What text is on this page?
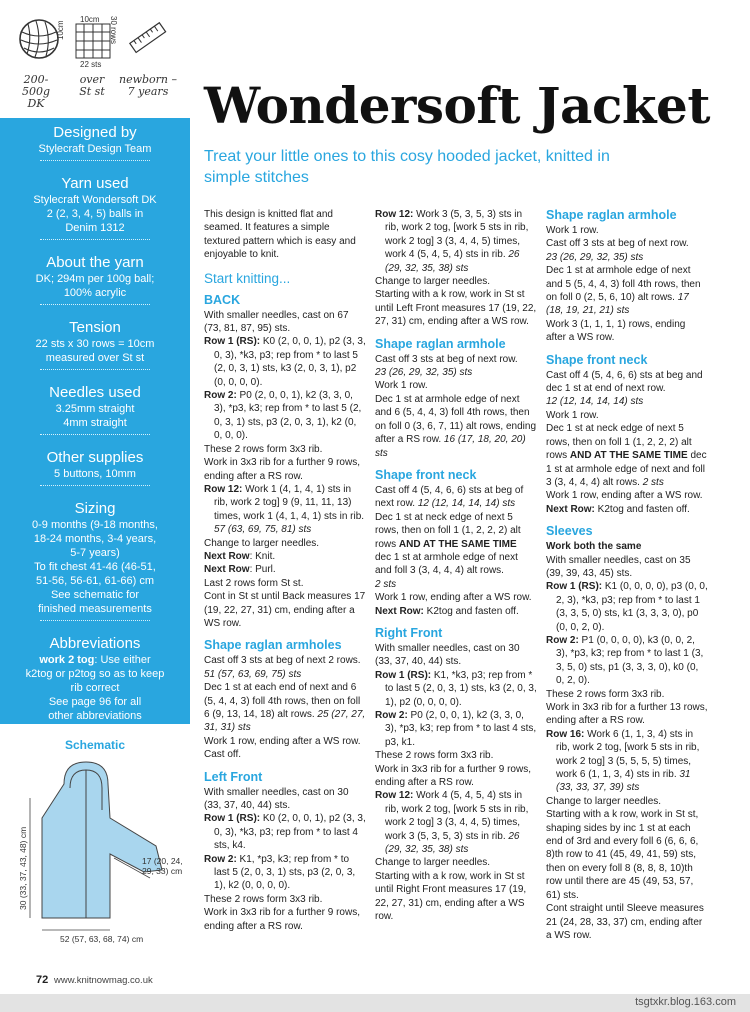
10cm
10cm	30 rows
22 sts
200-500g DK
over St st
newborn – 7 years
Designed by
Stylecraft Design Team
Yarn used
Stylecraft Wondersoft DK
2 (2, 3, 4, 5) balls in
Denim 1312
About the yarn
DK; 294m per 100g ball;
100% acrylic
Tension
22 sts x 30 rows = 10cm
measured over St st
Needles used
3.25mm straight
4mm straight
Other supplies
5 buttons, 10mm
Sizing
0-9 months (9-18 months,
18-24 months, 3-4 years,
5-7 years)
To fit chest 41-46 (46-51,
51-56, 56-61, 61-66) cm
See schematic for
finished measurements
Abbreviations
work 2 tog: Use either
k2tog or p2tog so as to keep
rib correct
See page 96 for all
other abbreviations
Schematic
30 (33, 37, 43, 48) cm	17 (20, 24,
29, 33) cm
52 (57, 63, 68, 74) cm
Wondersoft Jacket
Treat your little ones to this cosy hooded jacket, knitted in simple stitches

This design is knitted flat and seamed. It features a simple textured pattern which is easy and enjoyable to knit.

Start knitting...

BACK

With smaller needles, cast on 67 (73, 81, 87, 95) sts.

Row 1 (RS): K0 (2, 0, 0, 1), p2 (3, 3, 0, 3), *k3, p3; rep from * to last 5 (2, 0, 3, 1) sts, k3 (2, 0, 3, 1), p2 (0, 0, 0, 0).

Row 2: P0 (2, 0, 0, 1), k2 (3, 3, 0, 3), *p3, k3; rep from * to last 5 (2, 0, 3, 1) sts, p3 (2, 0, 3, 1), k2 (0, 0, 0, 0).

These 2 rows form 3x3 rib.

Work in 3x3 rib for a further 9 rows, ending after a RS row.

Row 12: Work 1 (4, 1, 4, 1) sts in rib, work 2 tog] 9 (9, 11, 11, 13) times, work 1 (4, 1, 4, 1) sts in rib. 57 (63, 69, 75, 81) sts

Change to larger needles.

Next Row: Knit.

Next Row: Purl.

Last 2 rows form St st.

Cont in St st until Back measures 17 (19, 22, 27, 31) cm, ending after a WS row.

Shape raglan armholes

Cast off 3 sts at beg of next 2 rows. 51 (57, 63, 69, 75) sts

Dec 1 st at each end of next and 6 (5, 4, 4, 3) foll 4th rows, then on foll 6 (9, 13, 14, 18) alt rows. 25 (27, 27, 31, 31) sts

Work 1 row, ending after a WS row.

Cast off.

Left Front

With smaller needles, cast on 30 (33, 37, 40, 44) sts.

Row 1 (RS): K0 (2, 0, 0, 1), p2 (3, 3, 0, 3), *k3, p3; rep from * to last 4 sts, k4.

Row 2: K1, *p3, k3; rep from * to last 5 (2, 0, 3, 1) sts, p3 (2, 0, 3, 1), k2 (0, 0, 0, 0).

These 2 rows form 3x3 rib.

Work in 3x3 rib for a further 9 rows, ending after a RS row.

Row 12: Work 3 (5, 3, 5, 3) sts in rib, work 2 tog, [work 5 sts in rib, work 2 tog] 3 (3, 4, 4, 5) times, work 4 (5, 4, 5, 4) sts in rib. 26 (29, 32, 35, 38) sts

Change to larger needles.

Starting with a k row, work in St st until Left Front measures 17 (19, 22, 27, 31) cm, ending after a WS row.

Shape raglan armhole

Cast off 3 sts at beg of next row.

23 (26, 29, 32, 35) sts

Work 1 row.

Dec 1 st at armhole edge of next and 6 (5, 4, 4, 3) foll 4th rows, then on foll 0 (3, 6, 7, 11) alt rows, ending after a RS row. 16 (17, 18, 20, 20) sts

Shape front neck

Cast off 4 (5, 4, 6, 6) sts at beg of next row. 12 (12, 14, 14, 14) sts

Dec 1 st at neck edge of next 5 rows, then on foll 1 (1, 2, 2, 2) alt rows AND AT THE SAME TIME

dec 1 st at armhole edge of next and foll 3 (3, 4, 4, 4) alt rows.

2 sts

Work 1 row, ending after a WS row.

Next Row: K2tog and fasten off.

Right Front

With smaller needles, cast on 30 (33, 37, 40, 44) sts.

Row 1 (RS): K1, *k3, p3; rep from * to last 5 (2, 0, 3, 1) sts, k3 (2, 0, 3, 1), p2 (0, 0, 0, 0).

Row 2: P0 (2, 0, 0, 1), k2 (3, 3, 0, 3), *p3, k3; rep from * to last 4 sts, p3, k1.

These 2 rows form 3x3 rib.

Work in 3x3 rib for a further 9 rows, ending after a RS row.

Row 12: Work 4 (5, 4, 5, 4) sts in rib, work 2 tog, [work 5 sts in rib, work 2 tog] 3 (3, 4, 4, 5) times, work 3 (5, 3, 5, 3) sts in rib. 26 (29, 32, 35, 38) sts

Change to larger needles.

Starting with a k row, work in St st until Right Front measures 17 (19, 22, 27, 31) cm, ending after a WS row.

Shape raglan armhole

Work 1 row.

Cast off 3 sts at beg of next row.

23 (26, 29, 32, 35) sts

Dec 1 st at armhole edge of next and 5 (5, 4, 4, 3) foll 4th rows, then on foll 0 (2, 5, 6, 10) alt rows. 17 (18, 19, 21, 21) sts

Work 3 (1, 1, 1, 1) rows, ending after a WS row.

Shape front neck

Cast off 4 (5, 4, 6, 6) sts at beg and dec 1 st at end of next row.

12 (12, 14, 14, 14) sts

Work 1 row.

Dec 1 st at neck edge of next 5 rows, then on foll 1 (1, 2, 2, 2) alt rows AND AT THE SAME TIME dec 1 st at armhole edge of next and foll 3 (3, 4, 4, 4) alt rows. 2 sts

Work 1 row, ending after a WS row.

Next Row: K2tog and fasten off.

Sleeves

Work both the same

With smaller needles, cast on 35 (39, 39, 43, 45) sts.

Row 1 (RS): K1 (0, 0, 0, 0), p3 (0, 0, 2, 3), *k3, p3; rep from * to last 1 (3, 3, 5, 0) sts, k1 (3, 3, 3, 0), p0 (0, 0, 2, 0).

Row 2: P1 (0, 0, 0, 0), k3 (0, 0, 2, 3), *p3, k3; rep from * to last 1 (3, 3, 5, 0) sts, p1 (3, 3, 3, 0), k0 (0, 0, 2, 0).

These 2 rows form 3x3 rib.

Work in 3x3 rib for a further 13 rows, ending after a RS row.

Row 16: Work 6 (1, 1, 3, 4) sts in rib, work 2 tog, [work 5 sts in rib, work 2 tog] 3 (5, 5, 5, 5) times, work 6 (1, 1, 3, 4) sts in rib. 31 (33, 33, 37, 39) sts

Change to larger needles.

Starting with a k row, work in St st, shaping sides by inc 1 st at each end of 3rd and every foll 6 (6, 6, 6, 8)th row to 41 (45, 49, 41, 59) sts, then on every foll 8 (8, 8, 8, 10)th row until there are 45 (49, 53, 57, 61) sts.

Cont straight until Sleeve measures 21 (24, 28, 33, 37) cm, ending after a WS row.

72 www.knitnowmag.co.uk
tsgtxkr.blog.163.com
